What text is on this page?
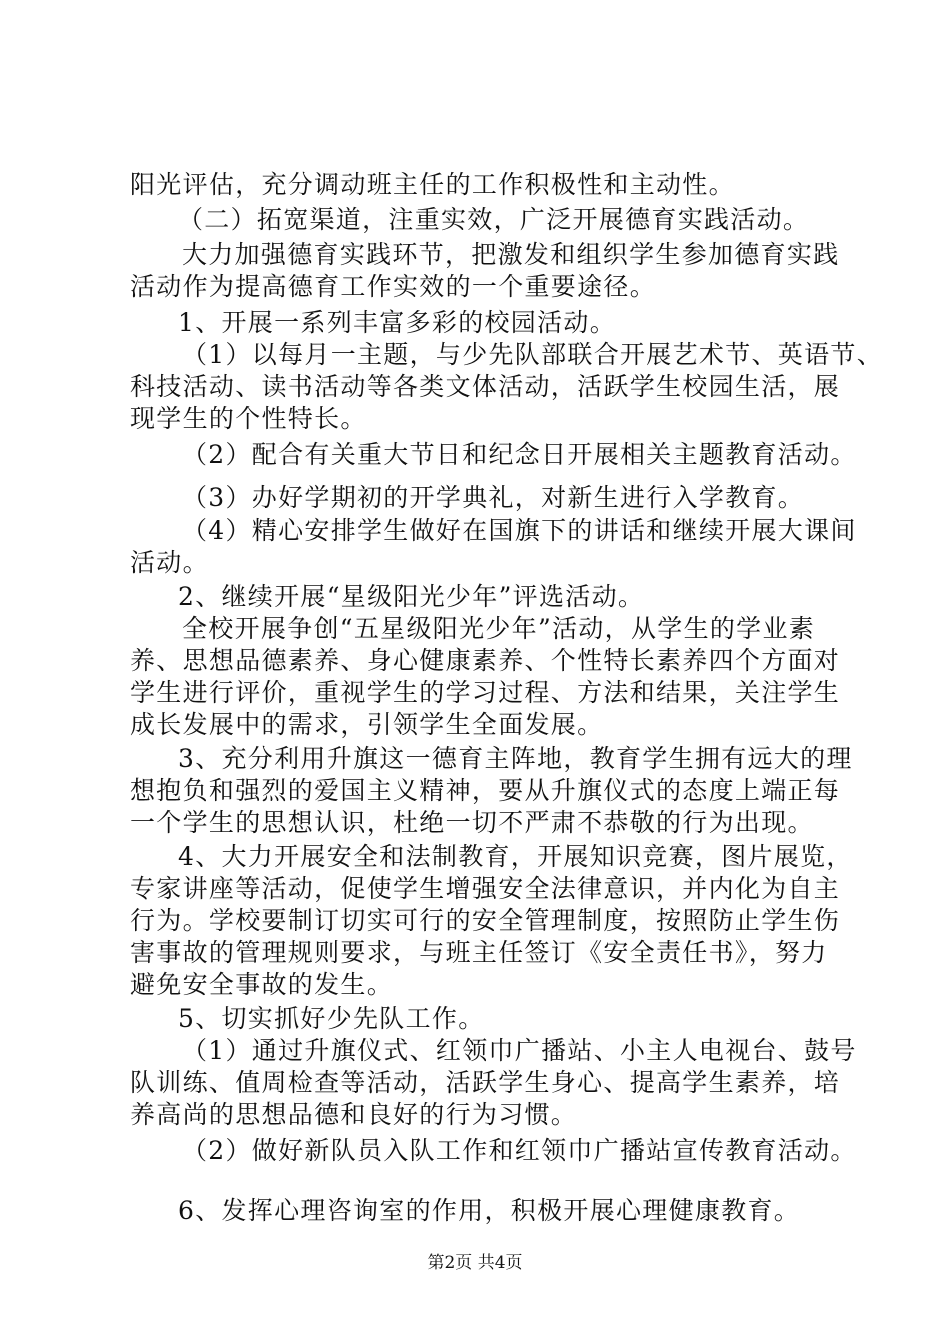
阳光评估，充分调动班主任的工作积极性和主动性。
（二）拓宽渠道，注重实效，广泛开展德育实践活动。
大力加强德育实践环节，把激发和组织学生参加德育实践
活动作为提高德育工作实效的一个重要途径。
1、开展一系列丰富多彩的校园活动。
（1）以每月一主题，与少先队部联合开展艺术节、英语节、
科技活动、读书活动等各类文体活动，活跃学生校园生活，展
现学生的个性特长。
（2）配合有关重大节日和纪念日开展相关主题教育活动。
（3）办好学期初的开学典礼，对新生进行入学教育。
（4）精心安排学生做好在国旗下的讲话和继续开展大课间
活动。
2、继续开展“星级阳光少年”评选活动。
全校开展争创“五星级阳光少年”活动，从学生的学业素
养、思想品德素养、身心健康素养、个性特长素养四个方面对
学生进行评价，重视学生的学习过程、方法和结果，关注学生
成长发展中的需求，引领学生全面发展。
3、充分利用升旗这一德育主阵地，教育学生拥有远大的理
想抱负和强烈的爱国主义精神，要从升旗仪式的态度上端正每
一个学生的思想认识，杜绝一切不严肃不恭敬的行为出现。
4、大力开展安全和法制教育，开展知识竞赛，图片展览，
专家讲座等活动，促使学生增强安全法律意识，并内化为自主
行为。学校要制订切实可行的安全管理制度，按照防止学生伤
害事故的管理规则要求，与班主任签订《安全责任书》，努力
避免安全事故的发生。
5、切实抓好少先队工作。
（1）通过升旗仪式、红领巾广播站、小主人电视台、鼓号
队训练、值周检查等活动，活跃学生身心、提高学生素养，培
养高尚的思想品德和良好的行为习惯。
（2）做好新队员入队工作和红领巾广播站宣传教育活动。
6、发挥心理咨询室的作用，积极开展心理健康教育。
第2页 共4页
